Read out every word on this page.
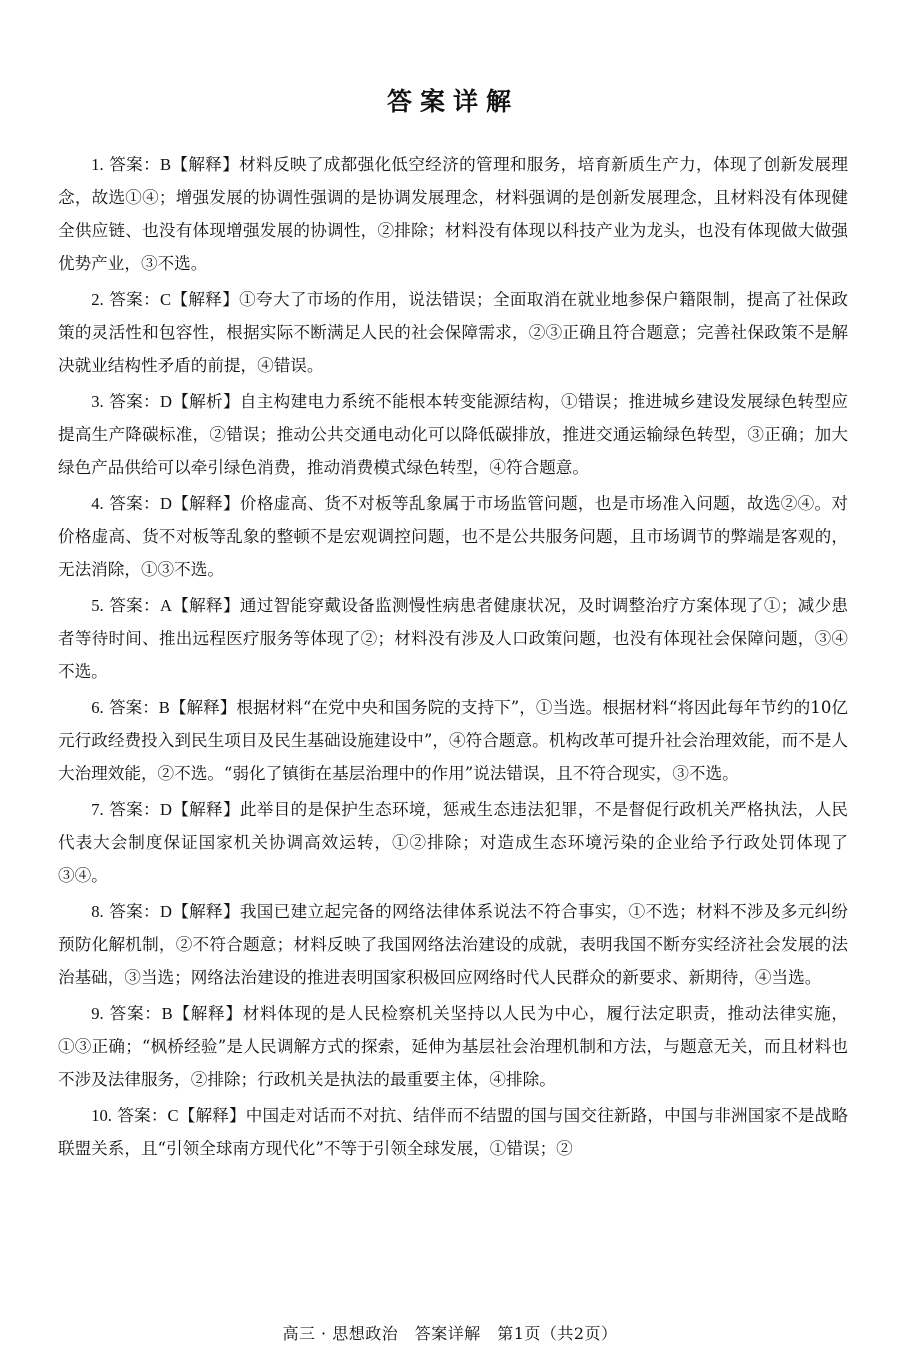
答案详解

1. 答案：B【解释】材料反映了成都强化低空经济的管理和服务，培育新质生产力，体现了创新发展理念，故选①④；增强发展的协调性强调的是协调发展理念，材料强调的是创新发展理念，且材料没有体现健全供应链、也没有体现增强发展的协调性，②排除；材料没有体现以科技产业为龙头，也没有体现做大做强优势产业，③不选。

2. 答案：C【解释】①夸大了市场的作用，说法错误；全面取消在就业地参保户籍限制，提高了社保政策的灵活性和包容性，根据实际不断满足人民的社会保障需求，②③正确且符合题意；完善社保政策不是解决就业结构性矛盾的前提，④错误。

3. 答案：D【解析】自主构建电力系统不能根本转变能源结构，①错误；推进城乡建设发展绿色转型应提高生产降碳标准，②错误；推动公共交通电动化可以降低碳排放，推进交通运输绿色转型，③正确；加大绿色产品供给可以牵引绿色消费，推动消费模式绿色转型，④符合题意。

4. 答案：D【解释】价格虚高、货不对板等乱象属于市场监管问题，也是市场准入问题，故选②④。对价格虚高、货不对板等乱象的整顿不是宏观调控问题，也不是公共服务问题，且市场调节的弊端是客观的，无法消除，①③不选。

5. 答案：A【解释】通过智能穿戴设备监测慢性病患者健康状况，及时调整治疗方案体现了①；减少患者等待时间、推出远程医疗服务等体现了②；材料没有涉及人口政策问题，也没有体现社会保障问题，③④不选。

6. 答案：B【解释】根据材料“在党中央和国务院的支持下”，①当选。根据材料“将因此每年节约的10亿元行政经费投入到民生项目及民生基础设施建设中”，④符合题意。机构改革可提升社会治理效能，而不是人大治理效能，②不选。“弱化了镇街在基层治理中的作用”说法错误，且不符合现实，③不选。

7. 答案：D【解释】此举目的是保护生态环境，惩戒生态违法犯罪，不是督促行政机关严格执法，人民代表大会制度保证国家机关协调高效运转，①②排除；对造成生态环境污染的企业给予行政处罚体现了③④。

8. 答案：D【解释】我国已建立起完备的网络法律体系说法不符合事实，①不选；材料不涉及多元纠纷预防化解机制，②不符合题意；材料反映了我国网络法治建设的成就，表明我国不断夯实经济社会发展的法治基础，③当选；网络法治建设的推进表明国家积极回应网络时代人民群众的新要求、新期待，④当选。

9. 答案：B【解释】材料体现的是人民检察机关坚持以人民为中心，履行法定职责，推动法律实施，①③正确；“枫桥经验”是人民调解方式的探索，延伸为基层社会治理机制和方法，与题意无关，而且材料也不涉及法律服务，②排除；行政机关是执法的最重要主体，④排除。

10. 答案：C【解释】中国走对话而不对抗、结伴而不结盟的国与国交往新路，中国与非洲国家不是战略联盟关系，且“引领全球南方现代化”不等于引领全球发展，①错误；②

高三 · 思想政治　答案详解　第1页（共2页）
